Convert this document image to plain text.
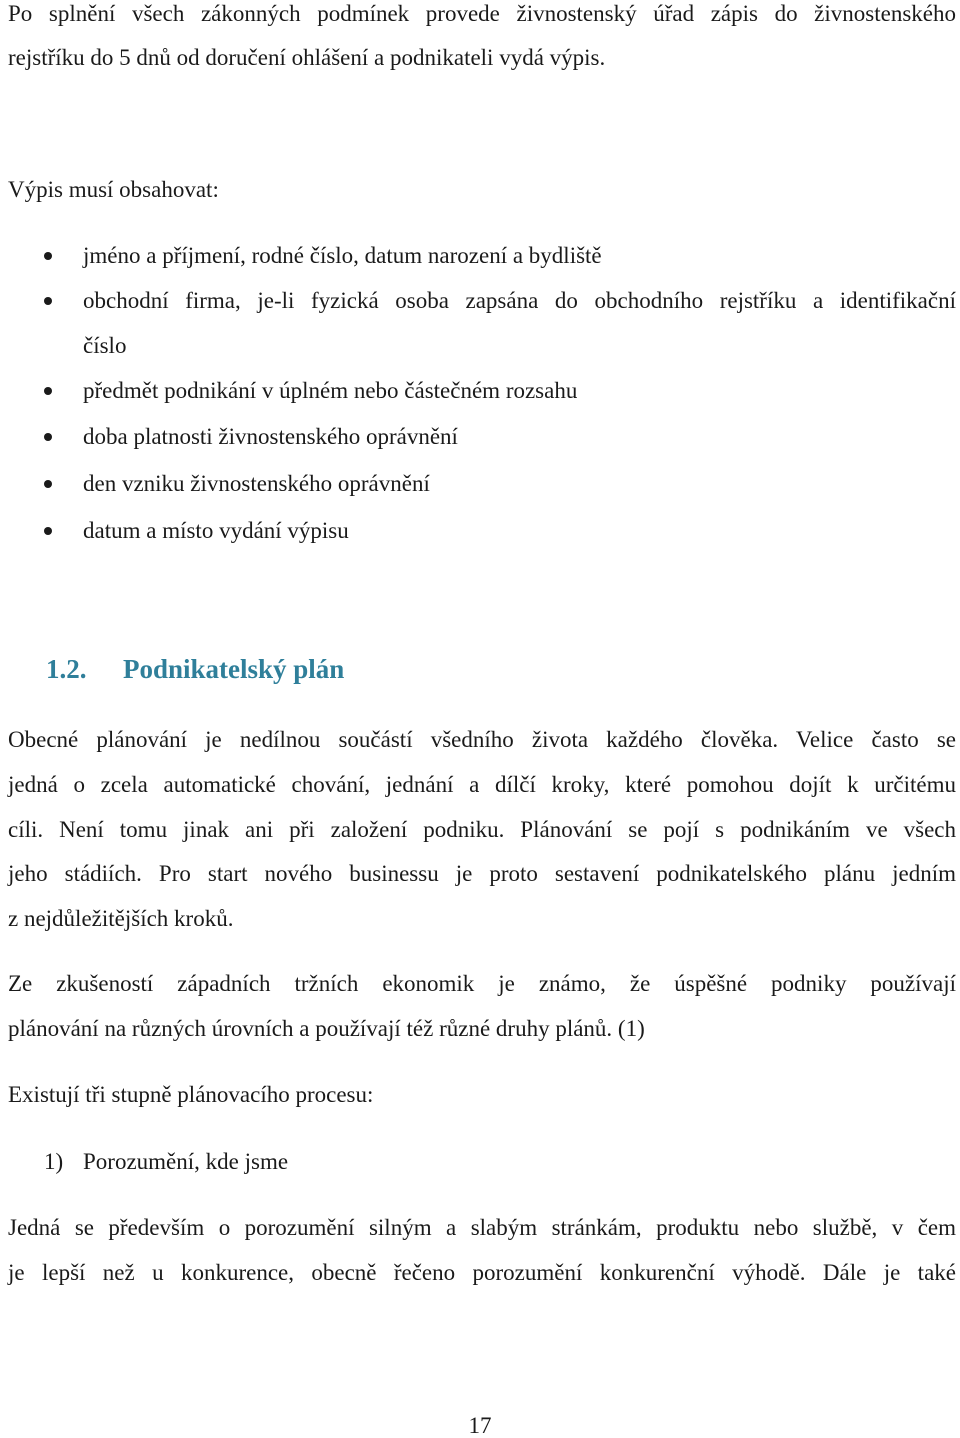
Po splnění všech zákonných podmínek provede živnostenský úřad zápis do živnostenského
rejstříku do 5 dnů od doručení ohlášení a podnikateli vydá výpis.
Výpis musí obsahovat:
jméno a příjmení, rodné číslo, datum narození a bydliště
obchodní firma, je-li fyzická osoba zapsána do obchodního rejstříku a identifikační
číslo
předmět podnikání v úplném nebo částečném rozsahu
doba platnosti živnostenského oprávnění
den vzniku živnostenského oprávnění
datum a místo vydání výpisu
1.2. Podnikatelský plán
Obecné plánování je nedílnou součástí všedního života každého člověka. Velice často se
jedná o zcela automatické chování, jednání a dílčí kroky, které pomohou dojít k určitému
cíli. Není tomu jinak ani při založení podniku. Plánování se pojí s podnikáním ve všech
jeho stádiích. Pro start nového businessu je proto sestavení podnikatelského plánu jedním
z nejdůležitějších kroků.
Ze zkušeností západních tržních ekonomik je známo, že úspěšné podniky používají
plánování na různých úrovních a používají též různé druhy plánů. (1)
Existují tři stupně plánovacího procesu:
1) Porozumění, kde jsme
Jedná se především o porozumění silným a slabým stránkám, produktu nebo službě, v čem
je lepší než u konkurence, obecně řečeno porozumění konkurenční výhodě. Dále je také
17
